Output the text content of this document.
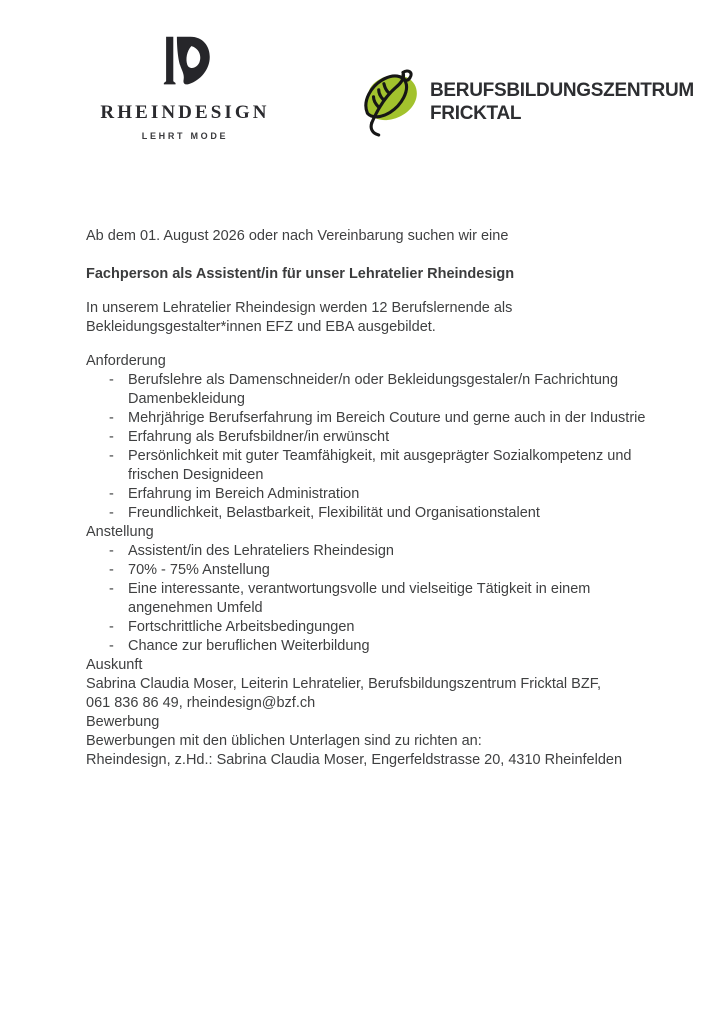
RHEINDESIGN
LEHRT MODE
BERUFSBILDUNGSZENTRUM
FRICKTAL

Ab dem 01. August 2026 oder nach Vereinbarung suchen wir eine

Fachperson als Assistent/in für unser Lehratelier Rheindesign

In unserem Lehratelier Rheindesign werden 12 Berufslernende als
Bekleidungsgestalter*innen EFZ und EBA ausgebildet.

Anforderung
- Berufslehre als Damenschneider/n oder Bekleidungsgestaler/n Fachrichtung Damenbekleidung
- Mehrjährige Berufserfahrung im Bereich Couture und gerne auch in der Industrie
- Erfahrung als Berufsbildner/in erwünscht
- Persönlichkeit mit guter Teamfähigkeit, mit ausgeprägter Sozialkompetenz und frischen Designideen
- Erfahrung im Bereich Administration
- Freundlichkeit, Belastbarkeit, Flexibilität und Organisationstalent
Anstellung
- Assistent/in des Lehrateliers Rheindesign
- 70% - 75% Anstellung
- Eine interessante, verantwortungsvolle und vielseitige Tätigkeit in einem angenehmen Umfeld
- Fortschrittliche Arbeitsbedingungen
- Chance zur beruflichen Weiterbildung
Auskunft
Sabrina Claudia Moser, Leiterin Lehratelier, Berufsbildungszentrum Fricktal BZF,
061 836 86 49, rheindesign@bzf.ch
Bewerbung
Bewerbungen mit den üblichen Unterlagen sind zu richten an:
Rheindesign, z.Hd.: Sabrina Claudia Moser, Engerfeldstrasse 20, 4310 Rheinfelden
